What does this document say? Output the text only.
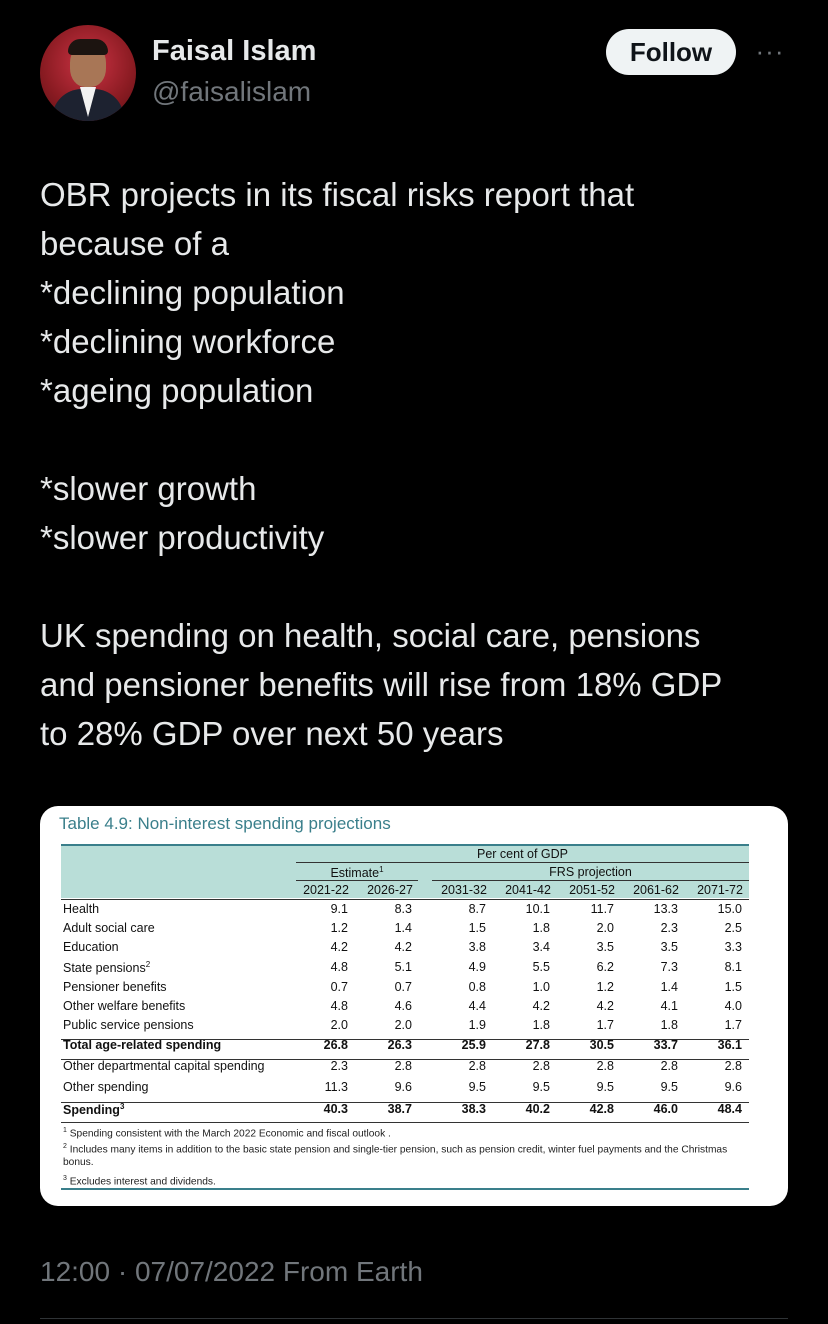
Faisal Islam
@faisalislam
Follow	···

OBR projects in its fiscal risks report that

because of a

*declining population

*declining workforce

*ageing population

*slower growth

*slower productivity

UK spending on health, social care, pensions

and pensioner benefits will rise from 18% GDP

to 28% GDP over next 50 years

Table 4.9: Non-interest spending projections
Per cent of GDP
Estimate$^1$	FRS projection
2021-22	2026-27	2031-32	2041-42	2051-52	2061-62	2071-72
Health	9.1	8.3	8.7	10.1	11.7	13.3	15.0
Adult social care	1.2	1.4	1.5	1.8	2.0	2.3	2.5
Education	4.2	4.2	3.8	3.4	3.5	3.5	3.3
State pensions$^2$	4.8	5.1	4.9	5.5	6.2	7.3	8.1
Pensioner benefits	0.7	0.7	0.8	1.0	1.2	1.4	1.5
Other welfare benefits	4.8	4.6	4.4	4.2	4.2	4.1	4.0
Public service pensions	2.0	2.0	1.9	1.8	1.7	1.8	1.7
Total age-related spending	26.8	26.3	25.9	27.8	30.5	33.7	36.1
Other departmental capital spending	2.3	2.8	2.8	2.8	2.8	2.8	2.8
Other spending	11.3	9.6	9.5	9.5	9.5	9.5	9.6
Spending$^3$	40.3	38.7	38.3	40.2	42.8	46.0	48.4
$^1$ Spending consistent with the March 2022 Economic and fiscal outlook .
$^2$ Includes many items in addition to the basic state pension and single-tier pension, such as pension credit, winter fuel payments and the Christmas bonus.
$^3$ Excludes interest and dividends.
12:00 · 07/07/2022 From Earth
